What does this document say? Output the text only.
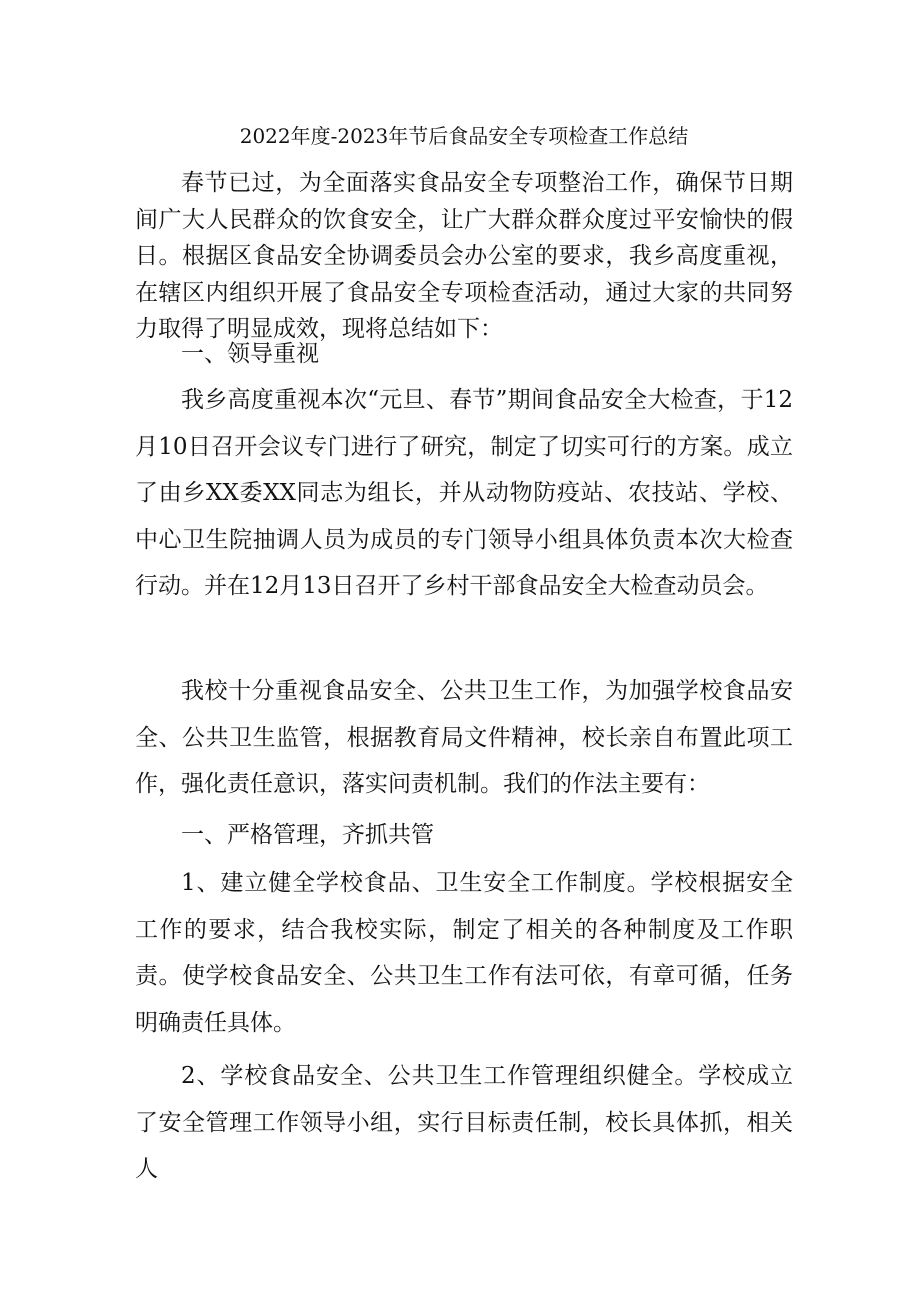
2022年度-2023年节后食品安全专项检查工作总结

春节已过，为全面落实食品安全专项整治工作，确保节日期间广大人民群众的饮食安全，让广大群众群众度过平安愉快的假日。根据区食品安全协调委员会办公室的要求，我乡高度重视，在辖区内组织开展了食品安全专项检查活动，通过大家的共同努力取得了明显成效，现将总结如下：

一、领导重视

我乡高度重视本次“元旦、春节”期间食品安全大检查，于12月10日召开会议专门进行了研究，制定了切实可行的方案。成立了由乡XX委XX同志为组长，并从动物防疫站、农技站、学校、中心卫生院抽调人员为成员的专门领导小组具体负责本次大检查行动。并在12月13日召开了乡村干部食品安全大检查动员会。

我校十分重视食品安全、公共卫生工作，为加强学校食品安全、公共卫生监管，根据教育局文件精神，校长亲自布置此项工作，强化责任意识，落实问责机制。我们的作法主要有：

一、严格管理，齐抓共管

1、建立健全学校食品、卫生安全工作制度。学校根据安全工作的要求，结合我校实际，制定了相关的各种制度及工作职责。使学校食品安全、公共卫生工作有法可依，有章可循，任务明确责任具体。

2、学校食品安全、公共卫生工作管理组织健全。学校成立了安全管理工作领导小组，实行目标责任制，校长具体抓，相关人
